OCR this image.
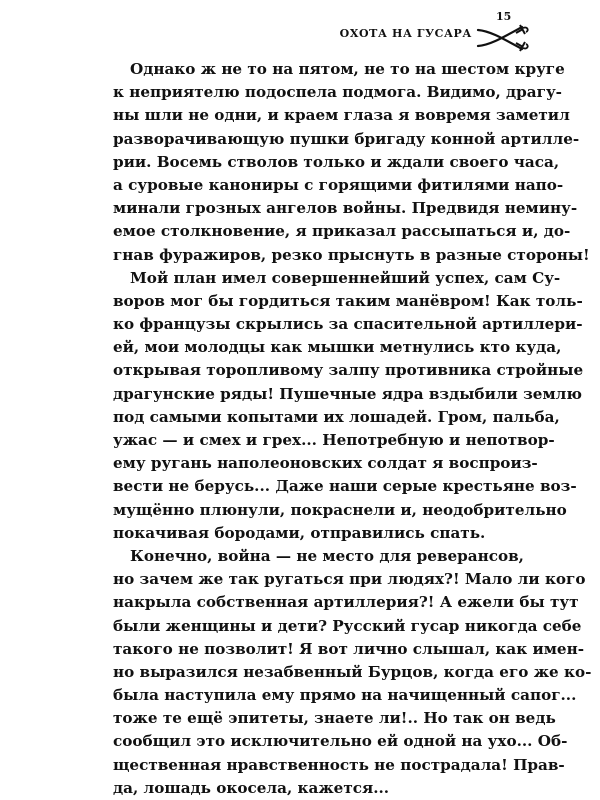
ОХОТА НА ГУСАРА
15
Однако ж не то на пятом, не то на шестом круге
к неприятелю подоспела подмога. Видимо, драгу-
ны шли не одни, и краем глаза я вовремя заметил
разворачивающую пушки бригаду конной артилле-
рии. Восемь стволов только и ждали своего часа,
а суровые канониры с горящими фитилями напо-
минали грозных ангелов войны. Предвидя немину-
емое столкновение, я приказал рассыпаться и, до-
гнав фуражиров, резко прыснуть в разные стороны!
Мой план имел совершеннейший успех, сам Су-
воров мог бы гордиться таким манёвром! Как толь-
ко французы скрылись за спасительной артиллери-
ей, мои молодцы как мышки метнулись кто куда,
открывая торопливому залпу противника стройные
драгунские ряды! Пушечные ядра вздыбили землю
под самыми копытами их лошадей. Гром, пальба,
ужас — и смех и грех... Непотребную и непотвор-
ему ругань наполеоновских солдат я воспроиз-
вести не берусь... Даже наши серые крестьяне воз-
мущённо плюнули, покраснели и, неодобрительно
покачивая бородами, отправились спать.
Конечно, война — не место для реверансов,
но зачем же так ругаться при людях?! Мало ли кого
накрыла собственная артиллерия?! А ежели бы тут
были женщины и дети? Русский гусар никогда себе
такого не позволит! Я вот лично слышал, как имен-
но выразился незабвенный Бурцов, когда его же ко-
была наступила ему прямо на начищенный сапог...
тоже те ещё эпитеты, знаете ли!.. Но так он ведь
сообщил это исключительно ей одной на ухо... Об-
щественная нравственность не пострадала! Прав-
да, лошадь окосела, кажется...
